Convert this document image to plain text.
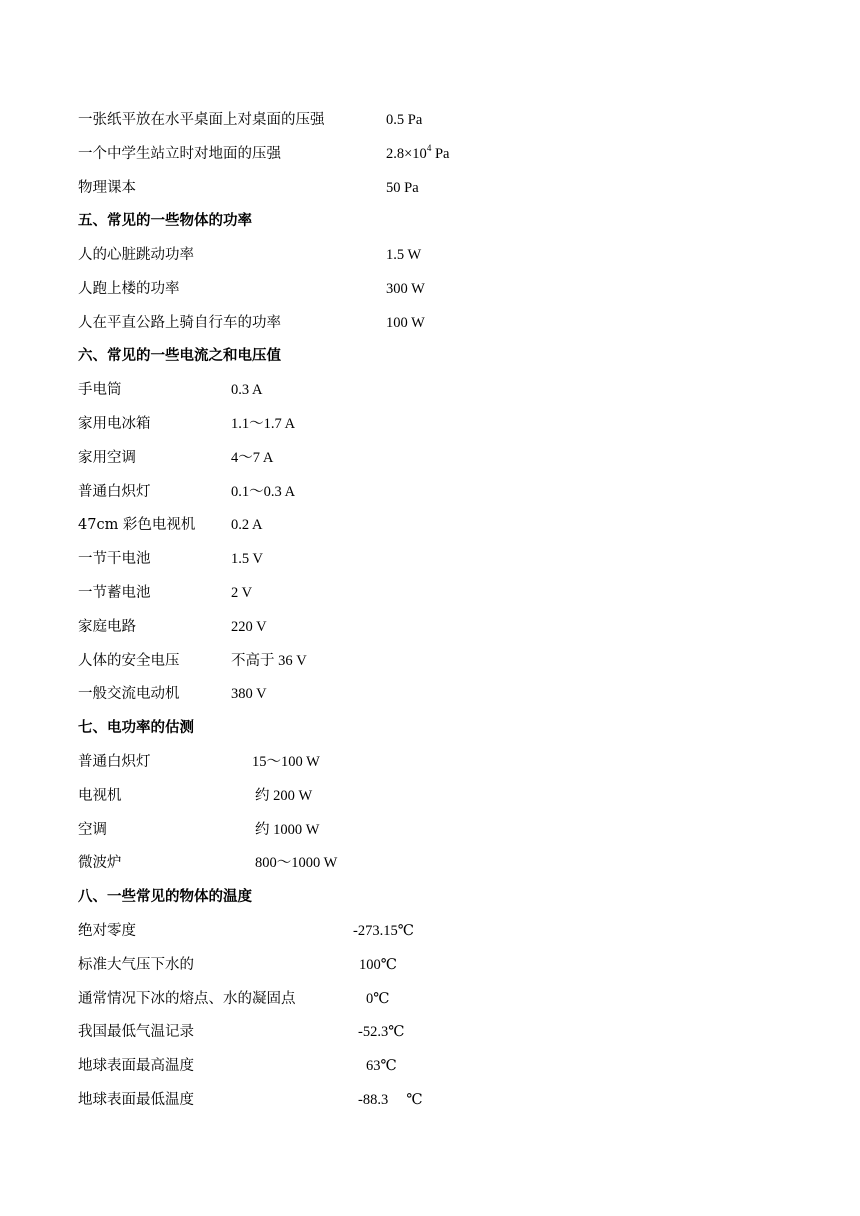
一张纸平放在水平桌面上对桌面的压强	0.5 Pa
一个中学生站立时对地面的压强	$2.8\times 10^4$ Pa
物理课本	50 Pa
五、常见的一些物体的功率
人的心脏跳动功率	1.5 W
人跑上楼的功率	300 W
人在平直公路上骑自行车的功率	100 W
六、常见的一些电流之和电压值
手电筒	0.3 A
家用电冰箱	1.1～1.7 A
家用空调	4～7 A
普通白炽灯	0.1～0.3 A
47cm 彩色电视机 0.2 A
一节干电池	1.5 V
一节蓄电池	2 V
家庭电路	220 V
人体的安全电压	不高于 36 V
一般交流电动机	380 V
七、电功率的估测
普通白炽灯	15～100 W
电视机	约 200 W
空调	约 1000 W
微波炉	800～1000 W
八、一些常见的物体的温度
绝对零度	-273.15℃
标准大气压下水的	100℃
通常情况下冰的熔点、水的凝固点	0℃
我国最低气温记录	-52.3℃
地球表面最高温度	63℃
地球表面最低温度	-88.3　 ℃
